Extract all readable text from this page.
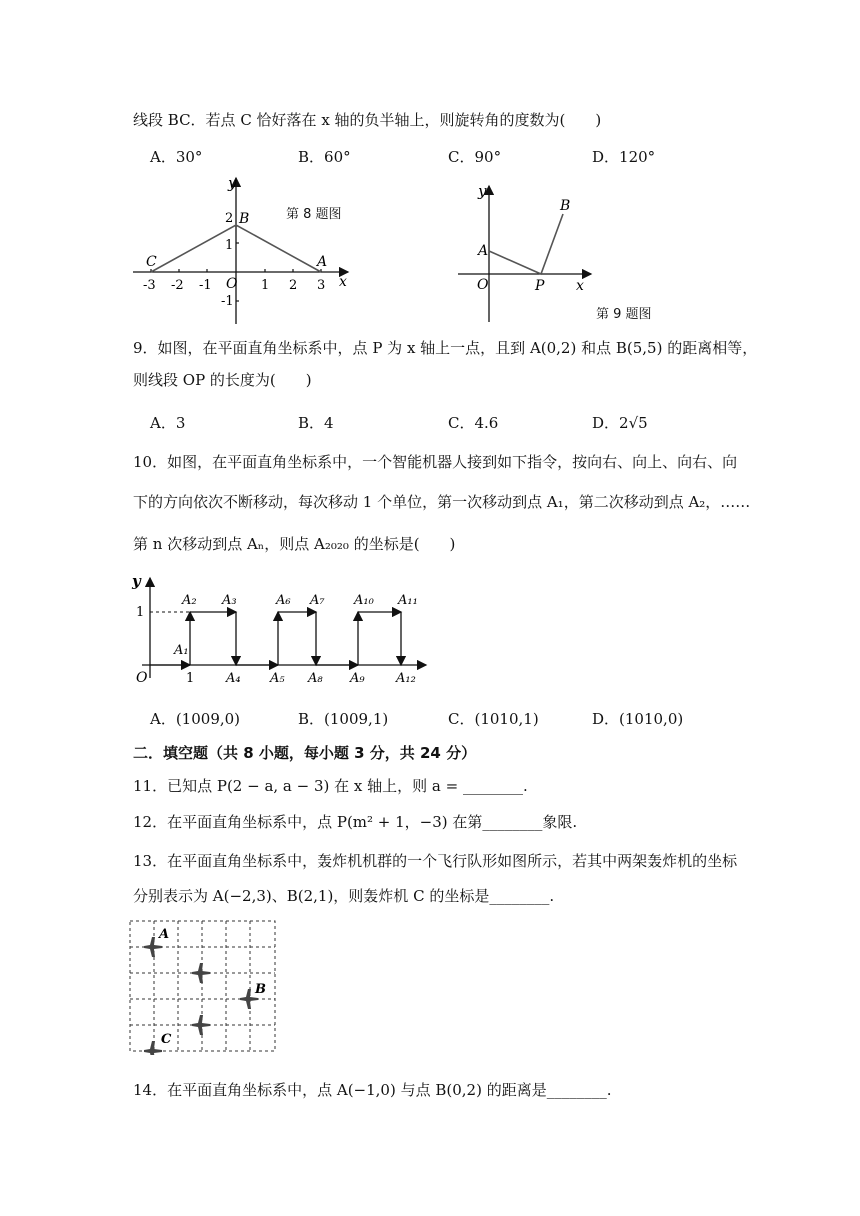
线段 BC．若点 C 恰好落在 x 轴的负半轴上，则旋转角的度数为(　　)
A．30°	B．60°	C．90°	D．120°
y
x
-3 -2 -1 O 1 2 3
2
1
-1
C
B
A
第 8 题图
y
x
O
A
P
B
第 9 题图
9．如图，在平面直角坐标系中，点 P 为 x 轴上一点，且到 A(0,2) 和点 B(5,5) 的距离相等，
则线段 OP 的长度为(　　)
A．3	B．4	C．4.6	D．2√5
10．如图，在平面直角坐标系中，一个智能机器人接到如下指令，按向右、向上、向右、向
下的方向依次不断移动，每次移动 1 个单位，第一次移动到点 A₁，第二次移动到点 A₂，……
第 n 次移动到点 Aₙ，则点 A₂₀₂₀ 的坐标是(　　)
y
O
1
1
A₁
A₂ A₃	A₆ A₇ A₁₀ A₁₁
A₄ A₅ A₈ A₉ A₁₂
A．(1009,0)	B．(1009,1)	C．(1010,1)	D．(1010,0)
二．填空题（共 8 小题，每小题 3 分，共 24 分）
11．已知点 P(2 − a, a − 3) 在 x 轴上，则 a = ________.
12．在平面直角坐标系中，点 P(m² + 1，−3) 在第________象限.
13．在平面直角坐标系中，轰炸机机群的一个飞行队形如图所示，若其中两架轰炸机的坐标
分别表示为 A(−2,3)、B(2,1)，则轰炸机 C 的坐标是________.
A
B
C
14．在平面直角坐标系中，点 A(−1,0) 与点 B(0,2) 的距离是________.
